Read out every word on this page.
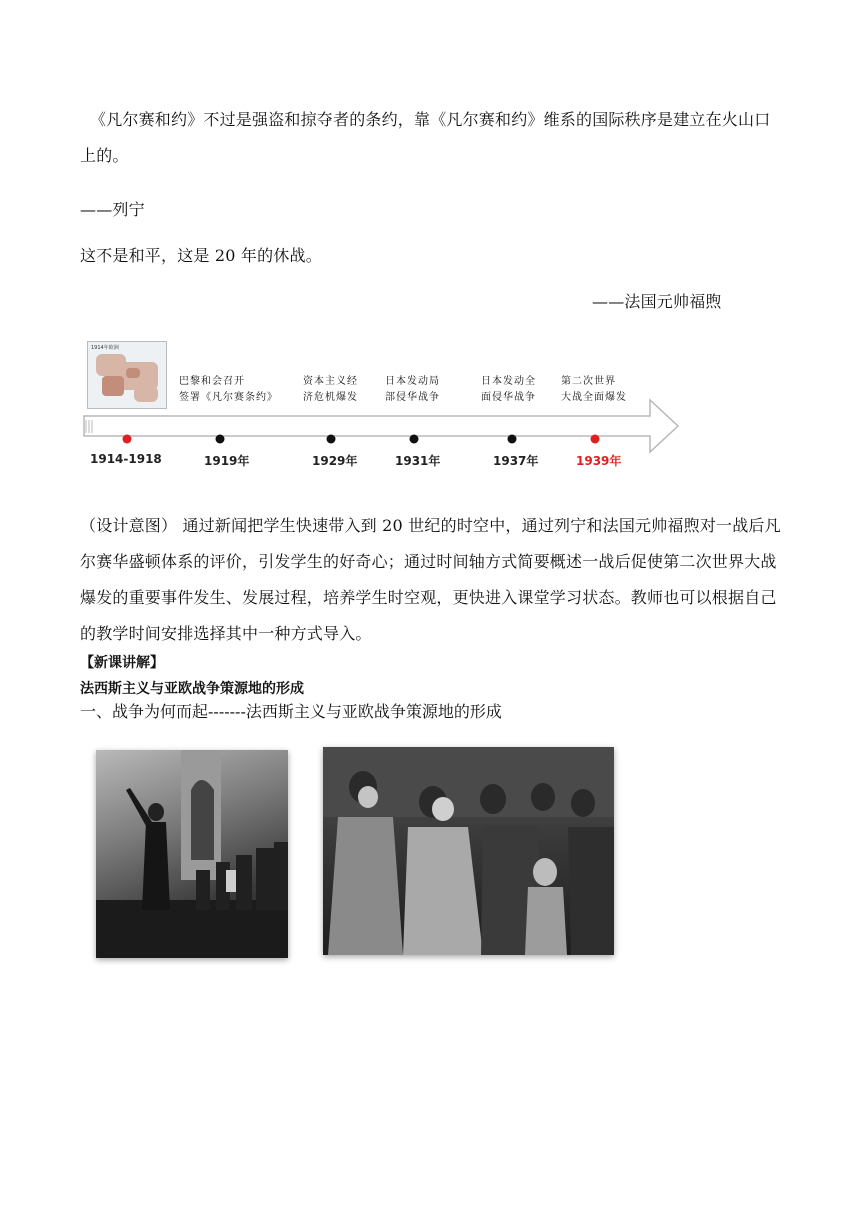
《凡尔赛和约》不过是强盗和掠夺者的条约，靠《凡尔赛和约》维系的国际秩序是建立在火山口上的。
——列宁
这不是和平，这是 20 年的休战。
——法国元帅福煦
1914年欧洲
巴黎和会召开
签署《凡尔赛条约》
资本主义经
济危机爆发
日本发动局
部侵华战争
日本发动全
面侵华战争
第二次世界
大战全面爆发
1914-1918	1919年	1929年	1931年	1937年	1939年
（设计意图） 通过新闻把学生快速带入到 20 世纪的时空中，通过列宁和法国元帅福煦对一战后凡尔赛华盛顿体系的评价，引发学生的好奇心；通过时间轴方式简要概述一战后促使第二次世界大战爆发的重要事件发生、发展过程，培养学生时空观，更快进入课堂学习状态。教师也可以根据自己的教学时间安排选择其中一种方式导入。
【新课讲解】
法西斯主义与亚欧战争策源地的形成
一、战争为何而起-------法西斯主义与亚欧战争策源地的形成
